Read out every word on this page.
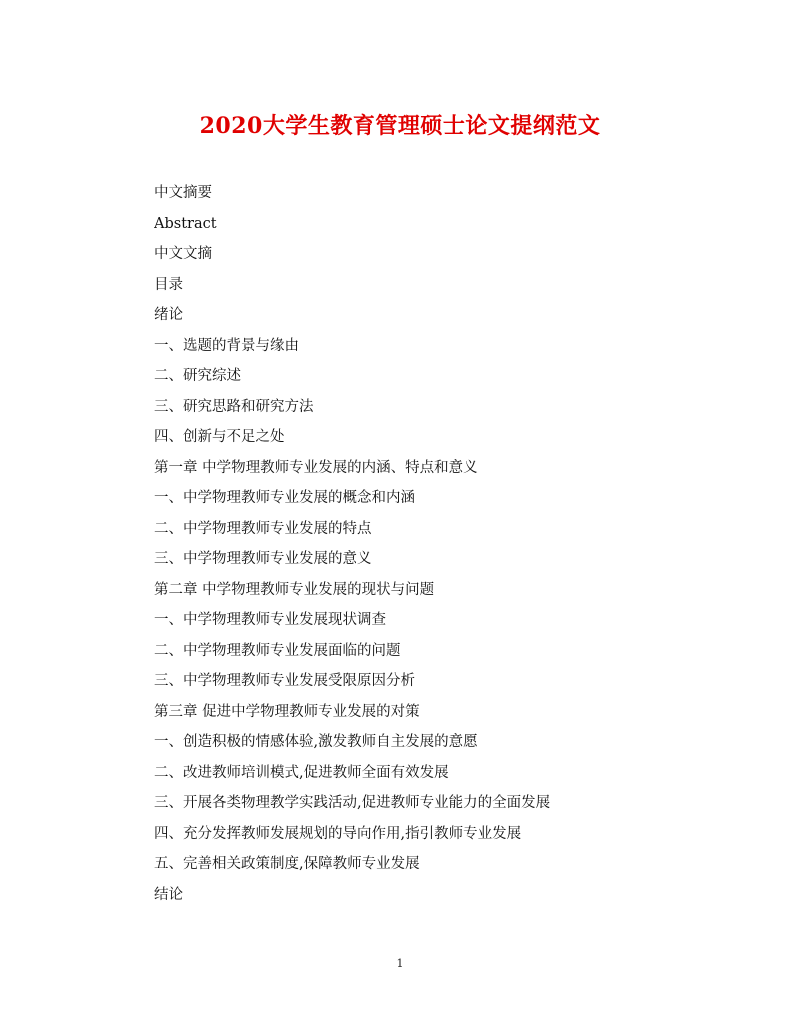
2020大学生教育管理硕士论文提纲范文
中文摘要
Abstract
中文文摘
目录
绪论
一、选题的背景与缘由
二、研究综述
三、研究思路和研究方法
四、创新与不足之处
第一章 中学物理教师专业发展的内涵、特点和意义
一、中学物理教师专业发展的概念和内涵
二、中学物理教师专业发展的特点
三、中学物理教师专业发展的意义
第二章 中学物理教师专业发展的现状与问题
一、中学物理教师专业发展现状调查
二、中学物理教师专业发展面临的问题
三、中学物理教师专业发展受限原因分析
第三章 促进中学物理教师专业发展的对策
一、创造积极的情感体验,激发教师自主发展的意愿
二、改进教师培训模式,促进教师全面有效发展
三、开展各类物理教学实践活动,促进教师专业能力的全面发展
四、充分发挥教师发展规划的导向作用,指引教师专业发展
五、完善相关政策制度,保障教师专业发展
结论
1
